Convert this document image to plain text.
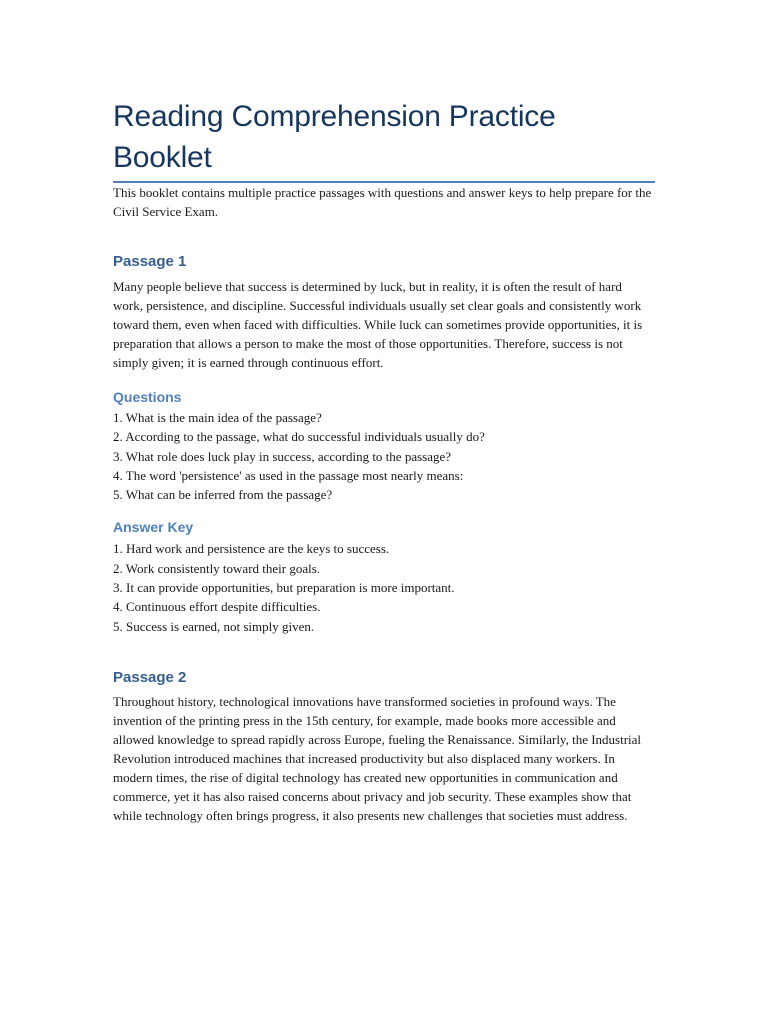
Reading Comprehension Practice Booklet

This booklet contains multiple practice passages with questions and answer keys to help prepare for the Civil Service Exam.

Passage 1

Many people believe that success is determined by luck, but in reality, it is often the result of hard work, persistence, and discipline. Successful individuals usually set clear goals and consistently work toward them, even when faced with difficulties. While luck can sometimes provide opportunities, it is preparation that allows a person to make the most of those opportunities. Therefore, success is not simply given; it is earned through continuous effort.

Questions
1. What is the main idea of the passage?
2. According to the passage, what do successful individuals usually do?
3. What role does luck play in success, according to the passage?
4. The word 'persistence' as used in the passage most nearly means:
5. What can be inferred from the passage?
Answer Key
1. Hard work and persistence are the keys to success.
2. Work consistently toward their goals.
3. It can provide opportunities, but preparation is more important.
4. Continuous effort despite difficulties.
5. Success is earned, not simply given.
Passage 2

Throughout history, technological innovations have transformed societies in profound ways. The invention of the printing press in the 15th century, for example, made books more accessible and allowed knowledge to spread rapidly across Europe, fueling the Renaissance. Similarly, the Industrial Revolution introduced machines that increased productivity but also displaced many workers. In modern times, the rise of digital technology has created new opportunities in communication and commerce, yet it has also raised concerns about privacy and job security. These examples show that while technology often brings progress, it also presents new challenges that societies must address.
